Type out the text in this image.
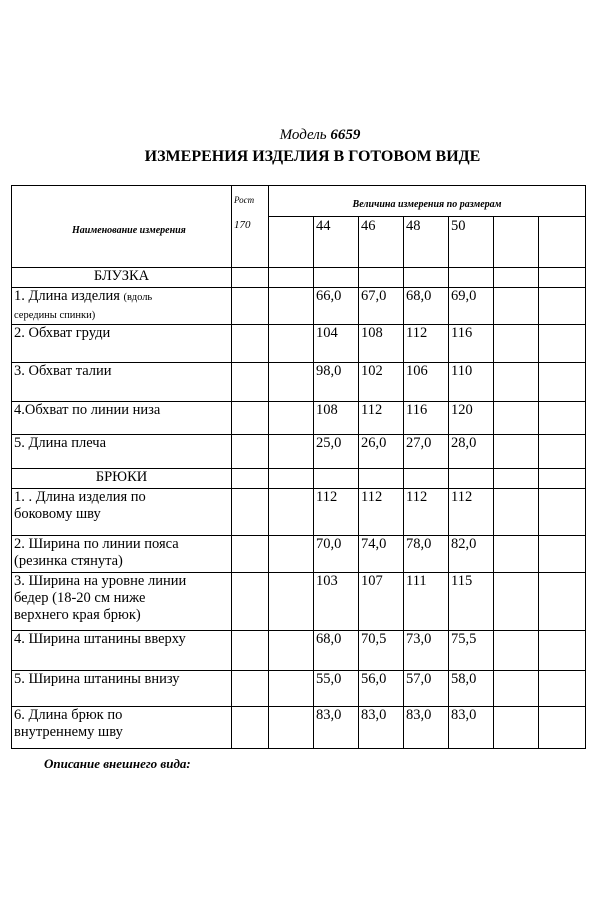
Модель 6659
ИЗМЕРЕНИЯ ИЗДЕЛИЯ В ГОТОВОМ ВИДЕ
Наименование измерения	Рост
170	Величина измерения по размерам						
			44	46	48	50		
БЛУЗКА								
1. Длина изделия (вдоль
середины спинки)			66,0	67,0	68,0	69,0		
2. Обхват груди			104	108	112	116		
3. Обхват талии			98,0	102	106	110		
4.Обхват по линии низа			108	112	116	120		
5. Длина плеча			25,0	26,0	27,0	28,0		
БРЮКИ								
1. . Длина изделия по
боковому шву			112	112	112	112		
2. Ширина по линии пояса
(резинка стянута)			70,0	74,0	78,0	82,0		
3. Ширина на уровне линии
бедер (18-20 см ниже
верхнего края брюк)			103	107	111	115		
4. Ширина штанины вверху			68,0	70,5	73,0	75,5		
5. Ширина штанины внизу			55,0	56,0	57,0	58,0		
6. Длина брюк по
внутреннему шву			83,0	83,0	83,0	83,0		
Описание внешнего вида:
